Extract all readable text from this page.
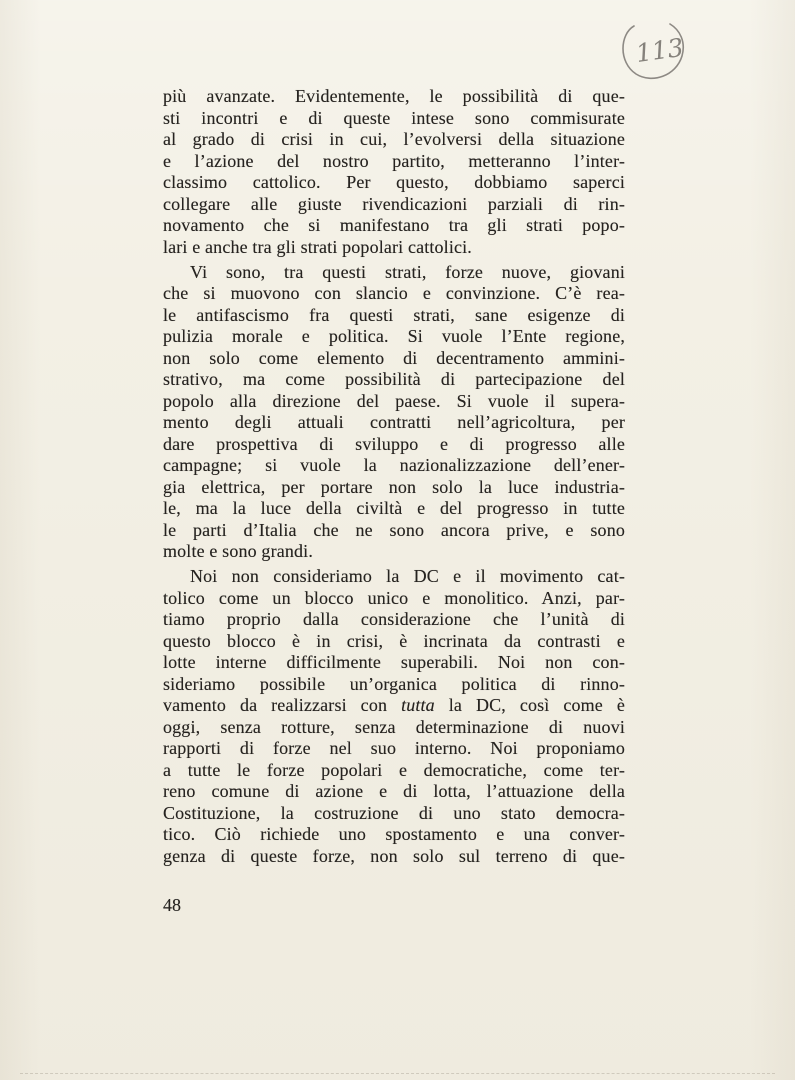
113
più avanzate. Evidentemente, le possibilità di que-
sti incontri e di queste intese sono commisurate
al grado di crisi in cui, l’evolversi della situazione
e l’azione del nostro partito, metteranno l’inter-
classimo cattolico. Per questo, dobbiamo saperci
collegare alle giuste rivendicazioni parziali di rin-
novamento che si manifestano tra gli strati popo-
lari e anche tra gli strati popolari cattolici.
Vi sono, tra questi strati, forze nuove, giovani
che si muovono con slancio e convinzione. C’è rea-
le antifascismo fra questi strati, sane esigenze di
pulizia morale e politica. Si vuole l’Ente regione,
non solo come elemento di decentramento ammini-
strativo, ma come possibilità di partecipazione del
popolo alla direzione del paese. Si vuole il supera-
mento degli attuali contratti nell’agricoltura, per
dare prospettiva di sviluppo e di progresso alle
campagne; si vuole la nazionalizzazione dell’ener-
gia elettrica, per portare non solo la luce industria-
le, ma la luce della civiltà e del progresso in tutte
le parti d’Italia che ne sono ancora prive, e sono
molte e sono grandi.
Noi non consideriamo la DC e il movimento cat-
tolico come un blocco unico e monolitico. Anzi, par-
tiamo proprio dalla considerazione che l’unità di
questo blocco è in crisi, è incrinata da contrasti e
lotte interne difficilmente superabili. Noi non con-
sideriamo possibile un’organica politica di rinno-
vamento da realizzarsi con tutta la DC, così come è
oggi, senza rotture, senza determinazione di nuovi
rapporti di forze nel suo interno. Noi proponiamo
a tutte le forze popolari e democratiche, come ter-
reno comune di azione e di lotta, l’attuazione della
Costituzione, la costruzione di uno stato democra-
tico. Ciò richiede uno spostamento e una conver-
genza di queste forze, non solo sul terreno di que-
48
